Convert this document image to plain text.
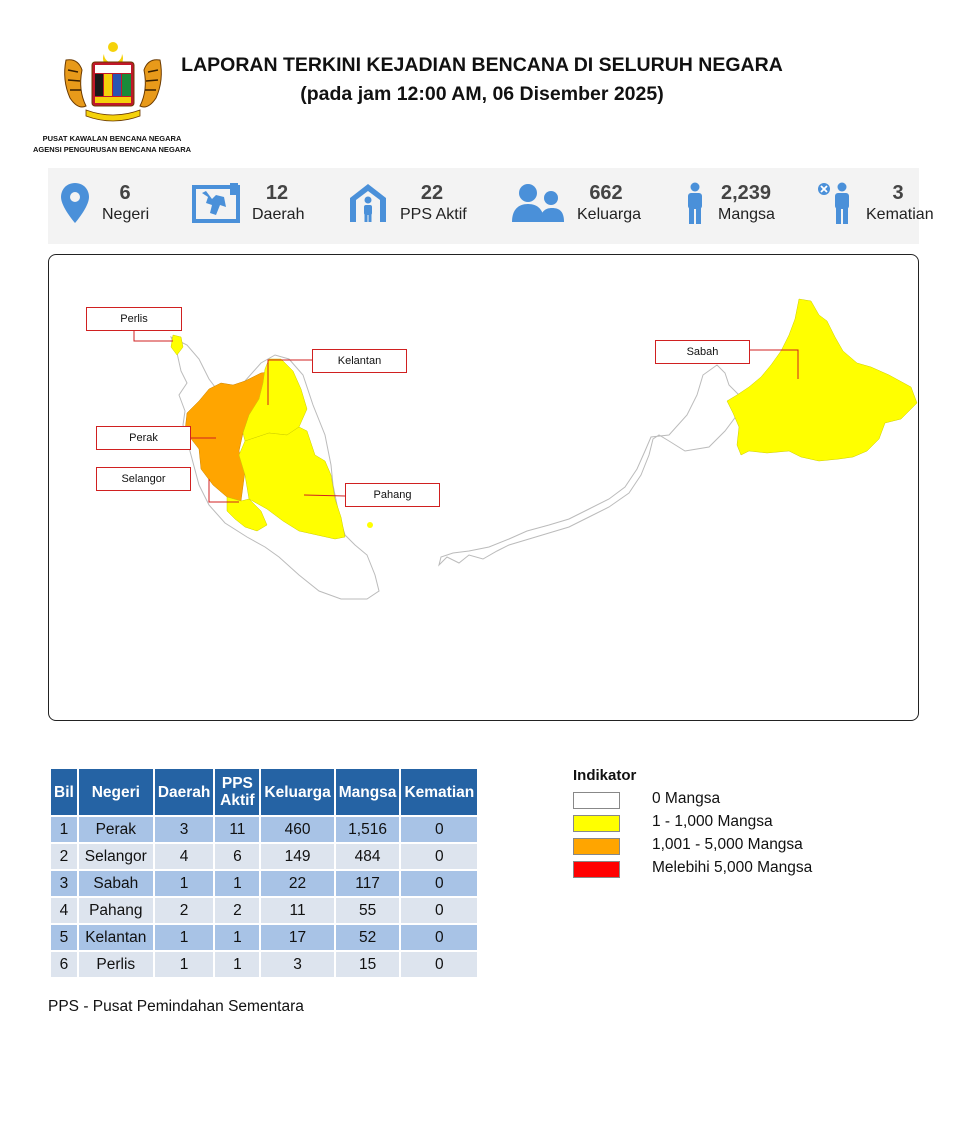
PUSAT KAWALAN BENCANA NEGARA
AGENSI PENGURUSAN BENCANA NEGARA
LAPORAN TERKINI KEJADIAN BENCANA DI SELURUH NEGARA
(pada jam 12:00 AM, 06 Disember 2025)
6
Negeri
12
Daerah
22
PPS Aktif
662
Keluarga
2,239
Mangsa
3
Kematian
Perlis
Kelantan
Perak
Selangor
Pahang
Sabah
Bil	Negeri	Daerah	PPS Aktif	Keluarga	Mangsa	Kematian
1	Perak	3	11	460	1,516	0
2	Selangor	4	6	149	484	0
3	Sabah	1	1	22	117	0
4	Pahang	2	2	11	55	0
5	Kelantan	1	1	17	52	0
6	Perlis	1	1	3	15	0
PPS - Pusat Pemindahan Sementara
Indikator
0 Mangsa
1 - 1,000 Mangsa
1,001 - 5,000 Mangsa
Melebihi 5,000 Mangsa
